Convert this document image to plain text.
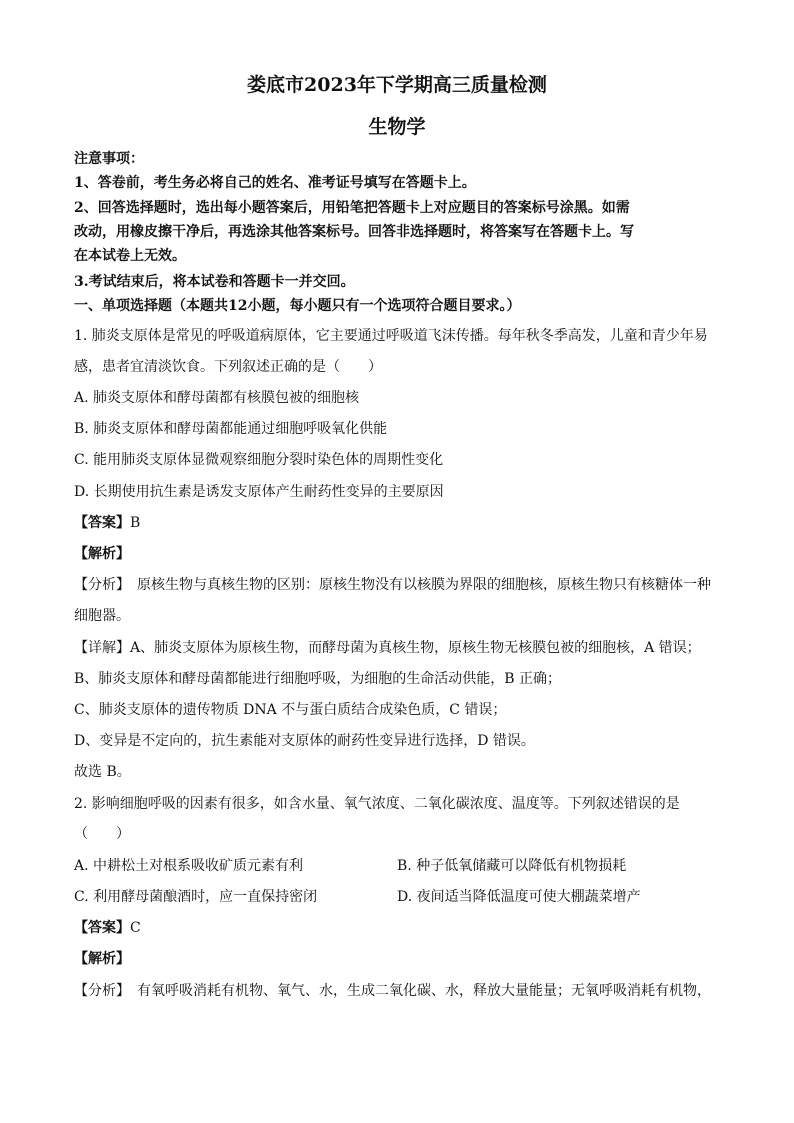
娄底市2023年下学期高三质量检测
生物学
注意事项：
1、答卷前，考生务必将自己的姓名、准考证号填写在答题卡上。
2、回答选择题时，选出每小题答案后，用铅笔把答题卡上对应题目的答案标号涂黑。如需
改动，用橡皮擦干净后，再选涂其他答案标号。回答非选择题时，将答案写在答题卡上。写
在本试卷上无效。
3.考试结束后，将本试卷和答题卡一并交回。
一、单项选择题（本题共12小题，每小题只有一个选项符合题目要求。）
1. 肺炎支原体是常见的呼吸道病原体，它主要通过呼吸道飞沫传播。每年秋冬季高发，儿童和青少年易
感，患者宜清淡饮食。下列叙述正确的是（　　）
A. 肺炎支原体和酵母菌都有核膜包被的细胞核
B. 肺炎支原体和酵母菌都能通过细胞呼吸氧化供能
C. 能用肺炎支原体显微观察细胞分裂时染色体的周期性变化
D. 长期使用抗生素是诱发支原体产生耐药性变异的主要原因
【答案】B
【解析】
【分析】　原核生物与真核生物的区别：原核生物没有以核膜为界限的细胞核，原核生物只有核糖体一种
细胞器。
【详解】A、肺炎支原体为原核生物，而酵母菌为真核生物，原核生物无核膜包被的细胞核，A 错误；
B、肺炎支原体和酵母菌都能进行细胞呼吸，为细胞的生命活动供能，B 正确；
C、肺炎支原体的遗传物质 DNA 不与蛋白质结合成染色质，C 错误；
D、变异是不定向的，抗生素能对支原体的耐药性变异进行选择，D 错误。
故选 B。
2. 影响细胞呼吸的因素有很多，如含水量、氧气浓度、二氧化碳浓度、温度等。下列叙述错误的是
（　　）
A. 中耕松土对根系吸收矿质元素有利	B. 种子低氧储藏可以降低有机物损耗
C. 利用酵母菌酿酒时，应一直保持密闭	D. 夜间适当降低温度可使大棚蔬菜增产
【答案】C
【解析】
【分析】　有氧呼吸消耗有机物、氧气、水，生成二氧化碳、水，释放大量能量；无氧呼吸消耗有机物，
